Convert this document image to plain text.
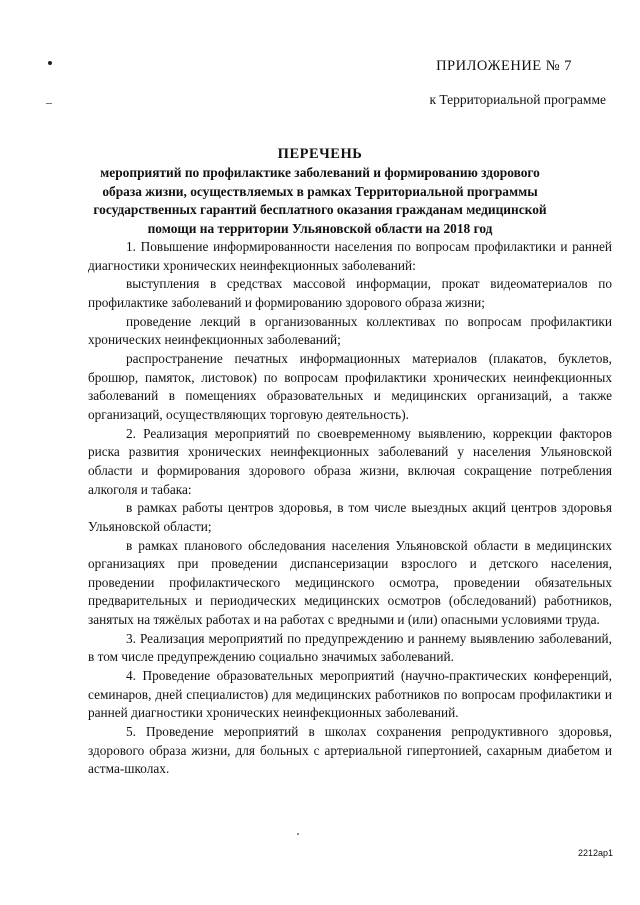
ПРИЛОЖЕНИЕ № 7
к Территориальной программе
ПЕРЕЧЕНЬ
мероприятий по профилактике заболеваний и формированию здорового образа жизни, осуществляемых в рамках Территориальной программы государственных гарантий бесплатного оказания гражданам медицинской помощи на территории Ульяновской области на 2018 год

1. Повышение информированности населения по вопросам профилактики и ранней диагностики хронических неинфекционных заболеваний:

выступления в средствах массовой информации, прокат видеоматериалов по профилактике заболеваний и формированию здорового образа жизни;

проведение лекций в организованных коллективах по вопросам профилактики хронических неинфекционных заболеваний;

распространение печатных информационных материалов (плакатов, буклетов, брошюр, памяток, листовок) по вопросам профилактики хронических неинфекционных заболеваний в помещениях образовательных и медицинских организаций, а также организаций, осуществляющих торговую деятельность).

2. Реализация мероприятий по своевременному выявлению, коррекции факторов риска развития хронических неинфекционных заболеваний у населения Ульяновской области и формирования здорового образа жизни, включая сокращение потребления алкоголя и табака:

в рамках работы центров здоровья, в том числе выездных акций центров здоровья Ульяновской области;

в рамках планового обследования населения Ульяновской области в медицинских организациях при проведении диспансеризации взрослого и детского населения, проведении профилактического медицинского осмотра, проведении обязательных предварительных и периодических медицинских осмотров (обследований) работников, занятых на тяжёлых работах и на работах с вредными и (или) опасными условиями труда.

3. Реализация мероприятий по предупреждению и раннему выявлению заболеваний, в том числе предупреждению социально значимых заболеваний.

4. Проведение образовательных мероприятий (научно-практических конференций, семинаров, дней специалистов) для медицинских работников по вопросам профилактики и ранней диагностики хронических неинфекционных заболеваний.

5. Проведение мероприятий в школах сохранения репродуктивного здоровья, здорового образа жизни, для больных с артериальной гипертонией, сахарным диабетом и астма-школах.

2212ap1
